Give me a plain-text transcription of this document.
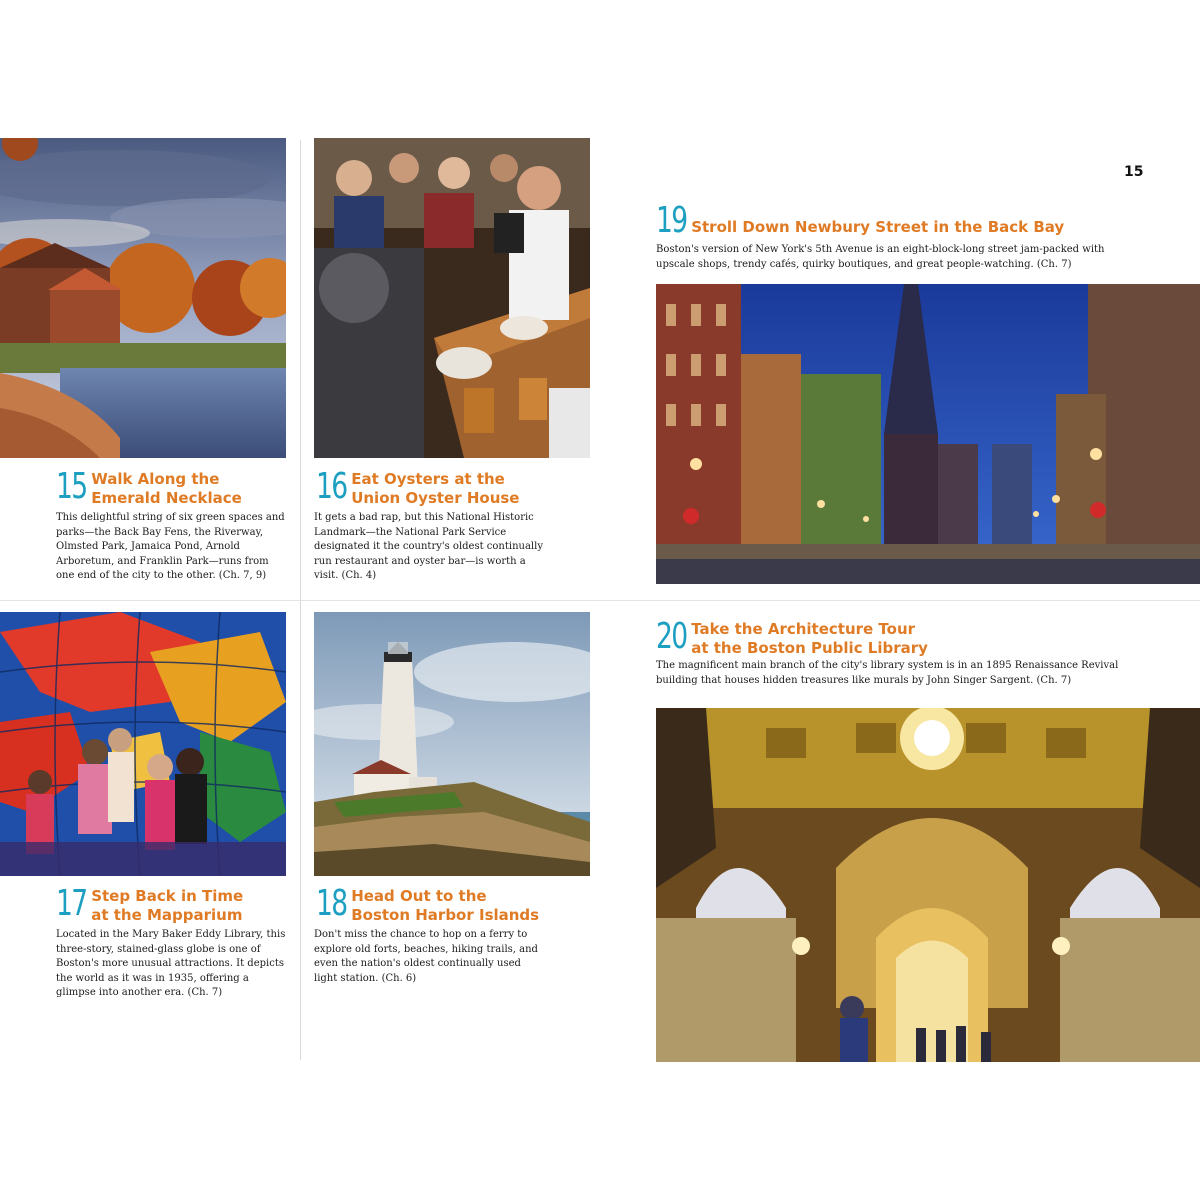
15
15 Walk Along the
Emerald Necklace
This delightful string of six green spaces and parks—the Back Bay Fens, the Riverway, Olmsted Park, Jamaica Pond, Arnold Arboretum, and Franklin Park—runs from one end of the city to the other. (Ch. 7, 9)
16 Eat Oysters at the
Union Oyster House
It gets a bad rap, but this National Historic Landmark—the National Park Service designated it the country's oldest continually run restaurant and oyster bar—is worth a visit. (Ch. 4)
17 Step Back in Time
at the Mapparium
Located in the Mary Baker Eddy Library, this three-story, stained-glass globe is one of Boston's more unusual attractions. It depicts the world as it was in 1935, offering a glimpse into another era. (Ch. 7)
18 Head Out to the
Boston Harbor Islands
Don't miss the chance to hop on a ferry to explore old forts, beaches, hiking trails, and even the nation's oldest continually used light station. (Ch. 6)
19 Stroll Down Newbury Street in the Back Bay
Boston's version of New York's 5th Avenue is an eight-block-long street jam-packed with upscale shops, trendy cafés, quirky boutiques, and great people-watching. (Ch. 7)
20 Take the Architecture Tour
at the Boston Public Library
The magnificent main branch of the city's library system is in an 1895 Renaissance Revival building that houses hidden treasures like murals by John Singer Sargent. (Ch. 7)
